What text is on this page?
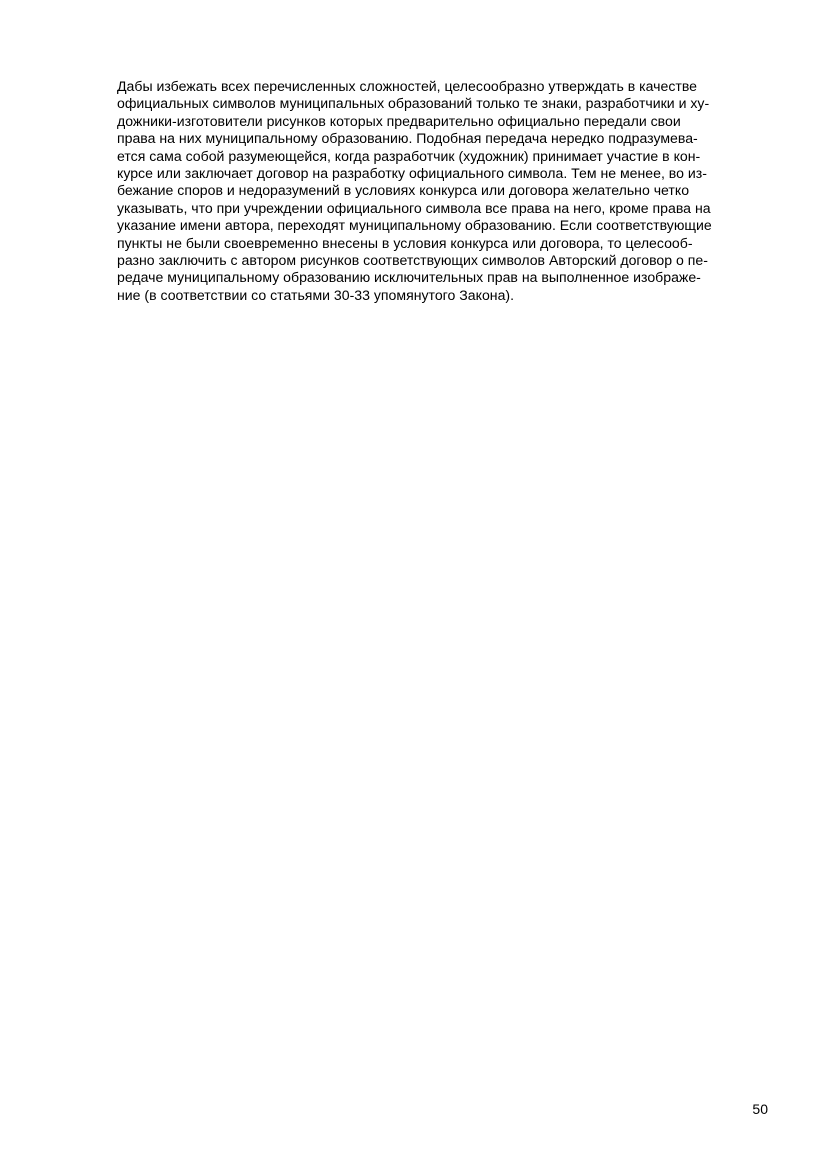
Дабы избежать всех перечисленных сложностей, целесообразно утверждать в качестве
официальных символов муниципальных образований только те знаки, разработчики и ху-
дожники-изготовители рисунков которых предварительно официально передали свои
права на них муниципальному образованию. Подобная передача нередко подразумева-
ется сама собой разумеющейся, когда разработчик (художник) принимает участие в кон-
курсе или заключает договор на разработку официального символа. Тем не менее, во из-
бежание споров и недоразумений в условиях конкурса или договора желательно четко
указывать, что при учреждении официального символа все права на него, кроме права на
указание имени автора, переходят муниципальному образованию. Если соответствующие
пункты не были своевременно внесены в условия конкурса или договора, то целесооб-
разно заключить с автором рисунков соответствующих символов Авторский договор о пе-
редаче муниципальному образованию исключительных прав на выполненное изображе-
ние (в соответствии со статьями 30-33 упомянутого Закона).

50
